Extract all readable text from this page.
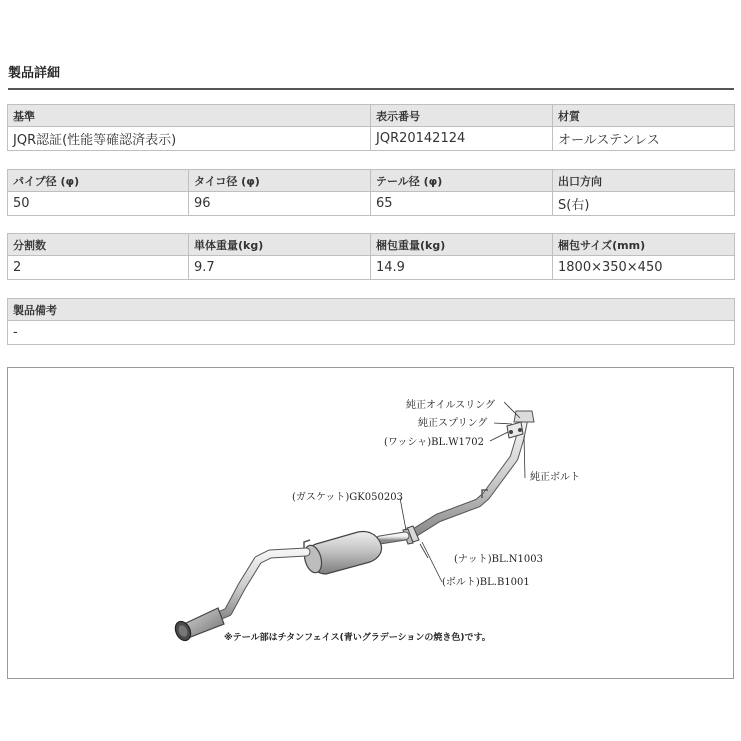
製品詳細
基準	表示番号	材質
JQR認証(性能等確認済表示)	JQR20142124	オールステンレス
パイプ径 (φ)	タイコ径 (φ)	テール径 (φ)	出口方向
50	96	65	S(右)
分割数	単体重量(kg)	梱包重量(kg)	梱包サイズ(mm)
2	9.7	14.9	1800×350×450
製品備考
-
純正オイルスリング
純正スプリング
(ワッシャ)BL.W1702
純正ボルト
(ガスケット)GK050203
(ナット)BL.N1003
(ボルト)BL.B1001
※テール部はチタンフェイス(青いグラデーションの焼き色)です。
